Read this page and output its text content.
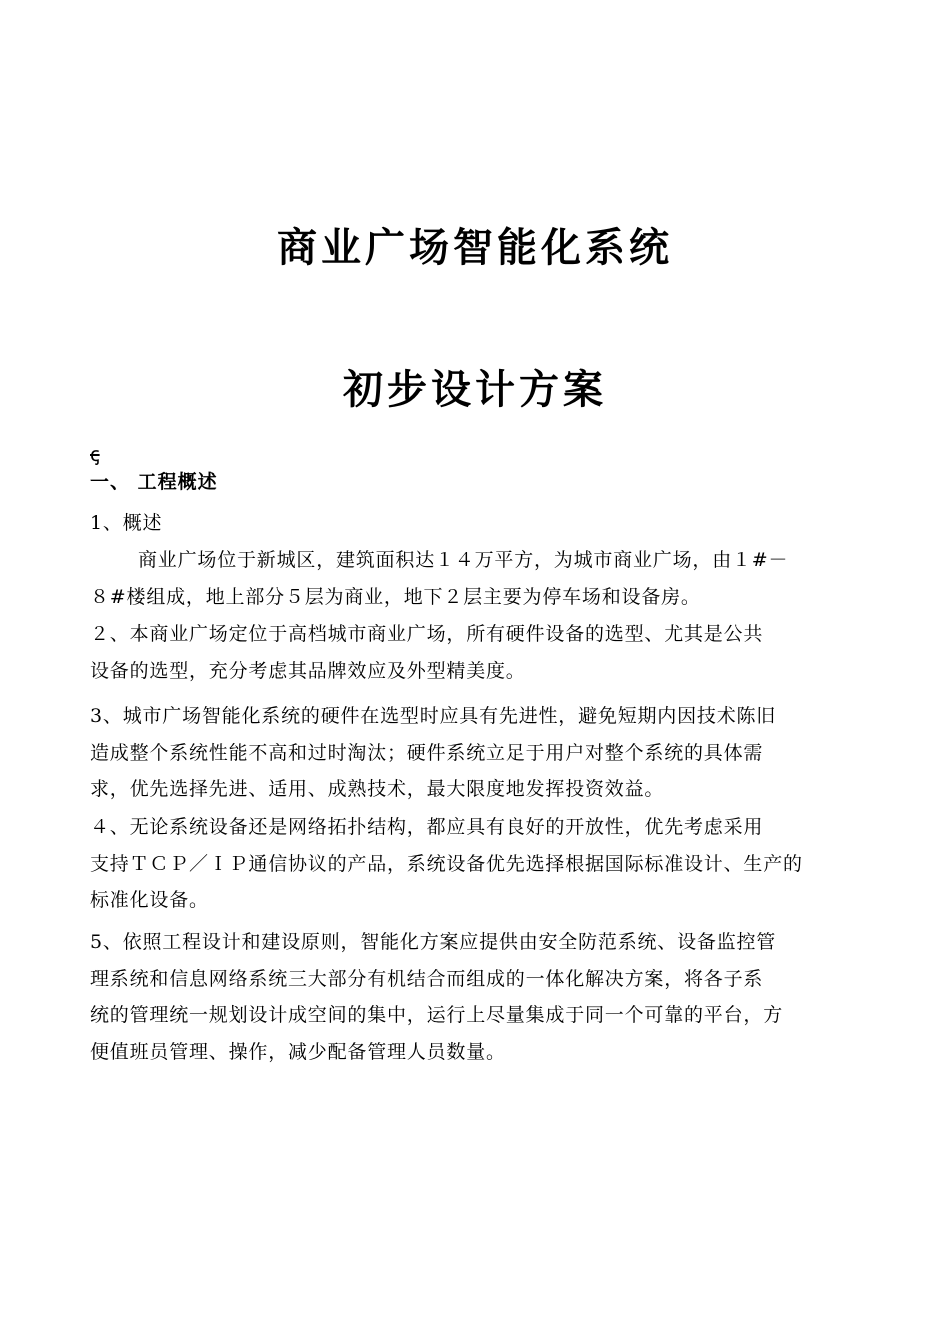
商业广场智能化系统
初步设计方案
ꞔ
一、 工程概述
1、概述
商业广场位于新城区，建筑面积达１４万平方，为城市商业广场，由１#－
８#楼组成，地上部分５层为商业，地下２层主要为停车场和设备房。
２、本商业广场定位于高档城市商业广场，所有硬件设备的选型、尤其是公共
设备的选型，充分考虑其品牌效应及外型精美度。
3、城市广场智能化系统的硬件在选型时应具有先进性，避免短期内因技术陈旧
造成整个系统性能不高和过时淘汰；硬件系统立足于用户对整个系统的具体需
求，优先选择先进、适用、成熟技术，最大限度地发挥投资效益。
４、无论系统设备还是网络拓扑结构，都应具有良好的开放性，优先考虑采用
支持ＴＣＰ／ＩＰ通信协议的产品，系统设备优先选择根据国际标准设计、生产的
标准化设备。
5、依照工程设计和建设原则，智能化方案应提供由安全防范系统、设备监控管
理系统和信息网络系统三大部分有机结合而组成的一体化解决方案，将各子系
统的管理统一规划设计成空间的集中，运行上尽量集成于同一个可靠的平台，方
便值班员管理、操作，减少配备管理人员数量。
